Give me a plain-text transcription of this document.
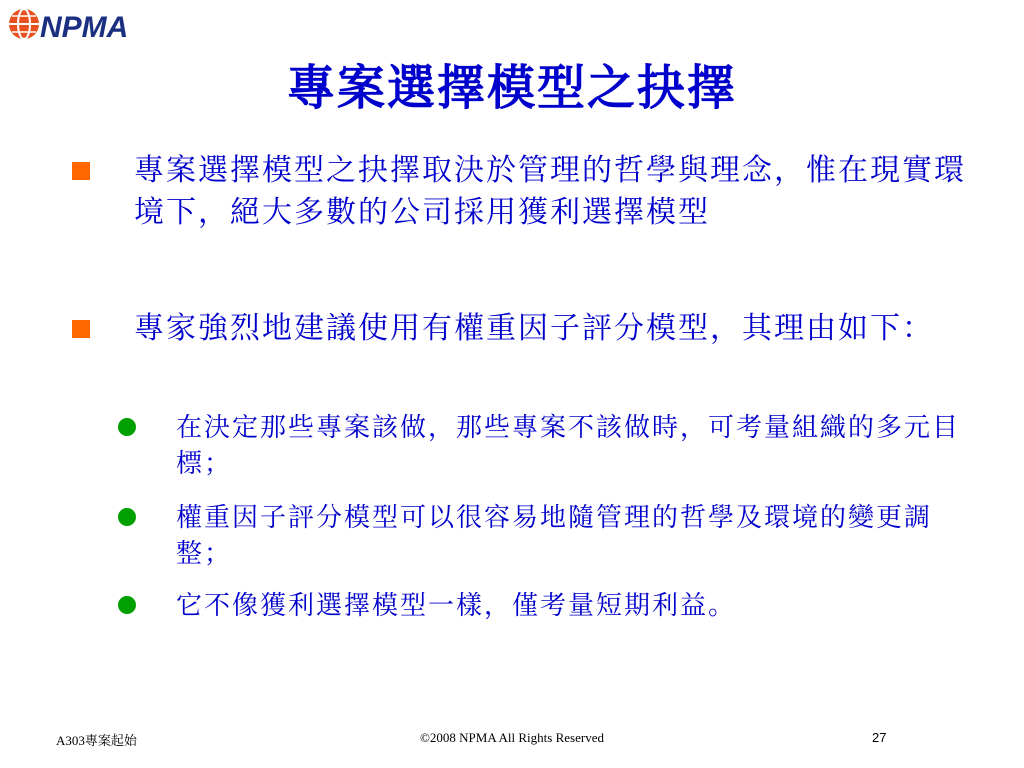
NPMA
專案選擇模型之抉擇
專案選擇模型之抉擇取決於管理的哲學與理念，惟在現實環境下，絕大多數的公司採用獲利選擇模型
專家強烈地建議使用有權重因子評分模型，其理由如下：
在決定那些專案該做，那些專案不該做時，可考量組織的多元目標；
權重因子評分模型可以很容易地隨管理的哲學及環境的變更調整；
它不像獲利選擇模型一樣，僅考量短期利益。
A303專案起始	©2008 NPMA All Rights Reserved	27
